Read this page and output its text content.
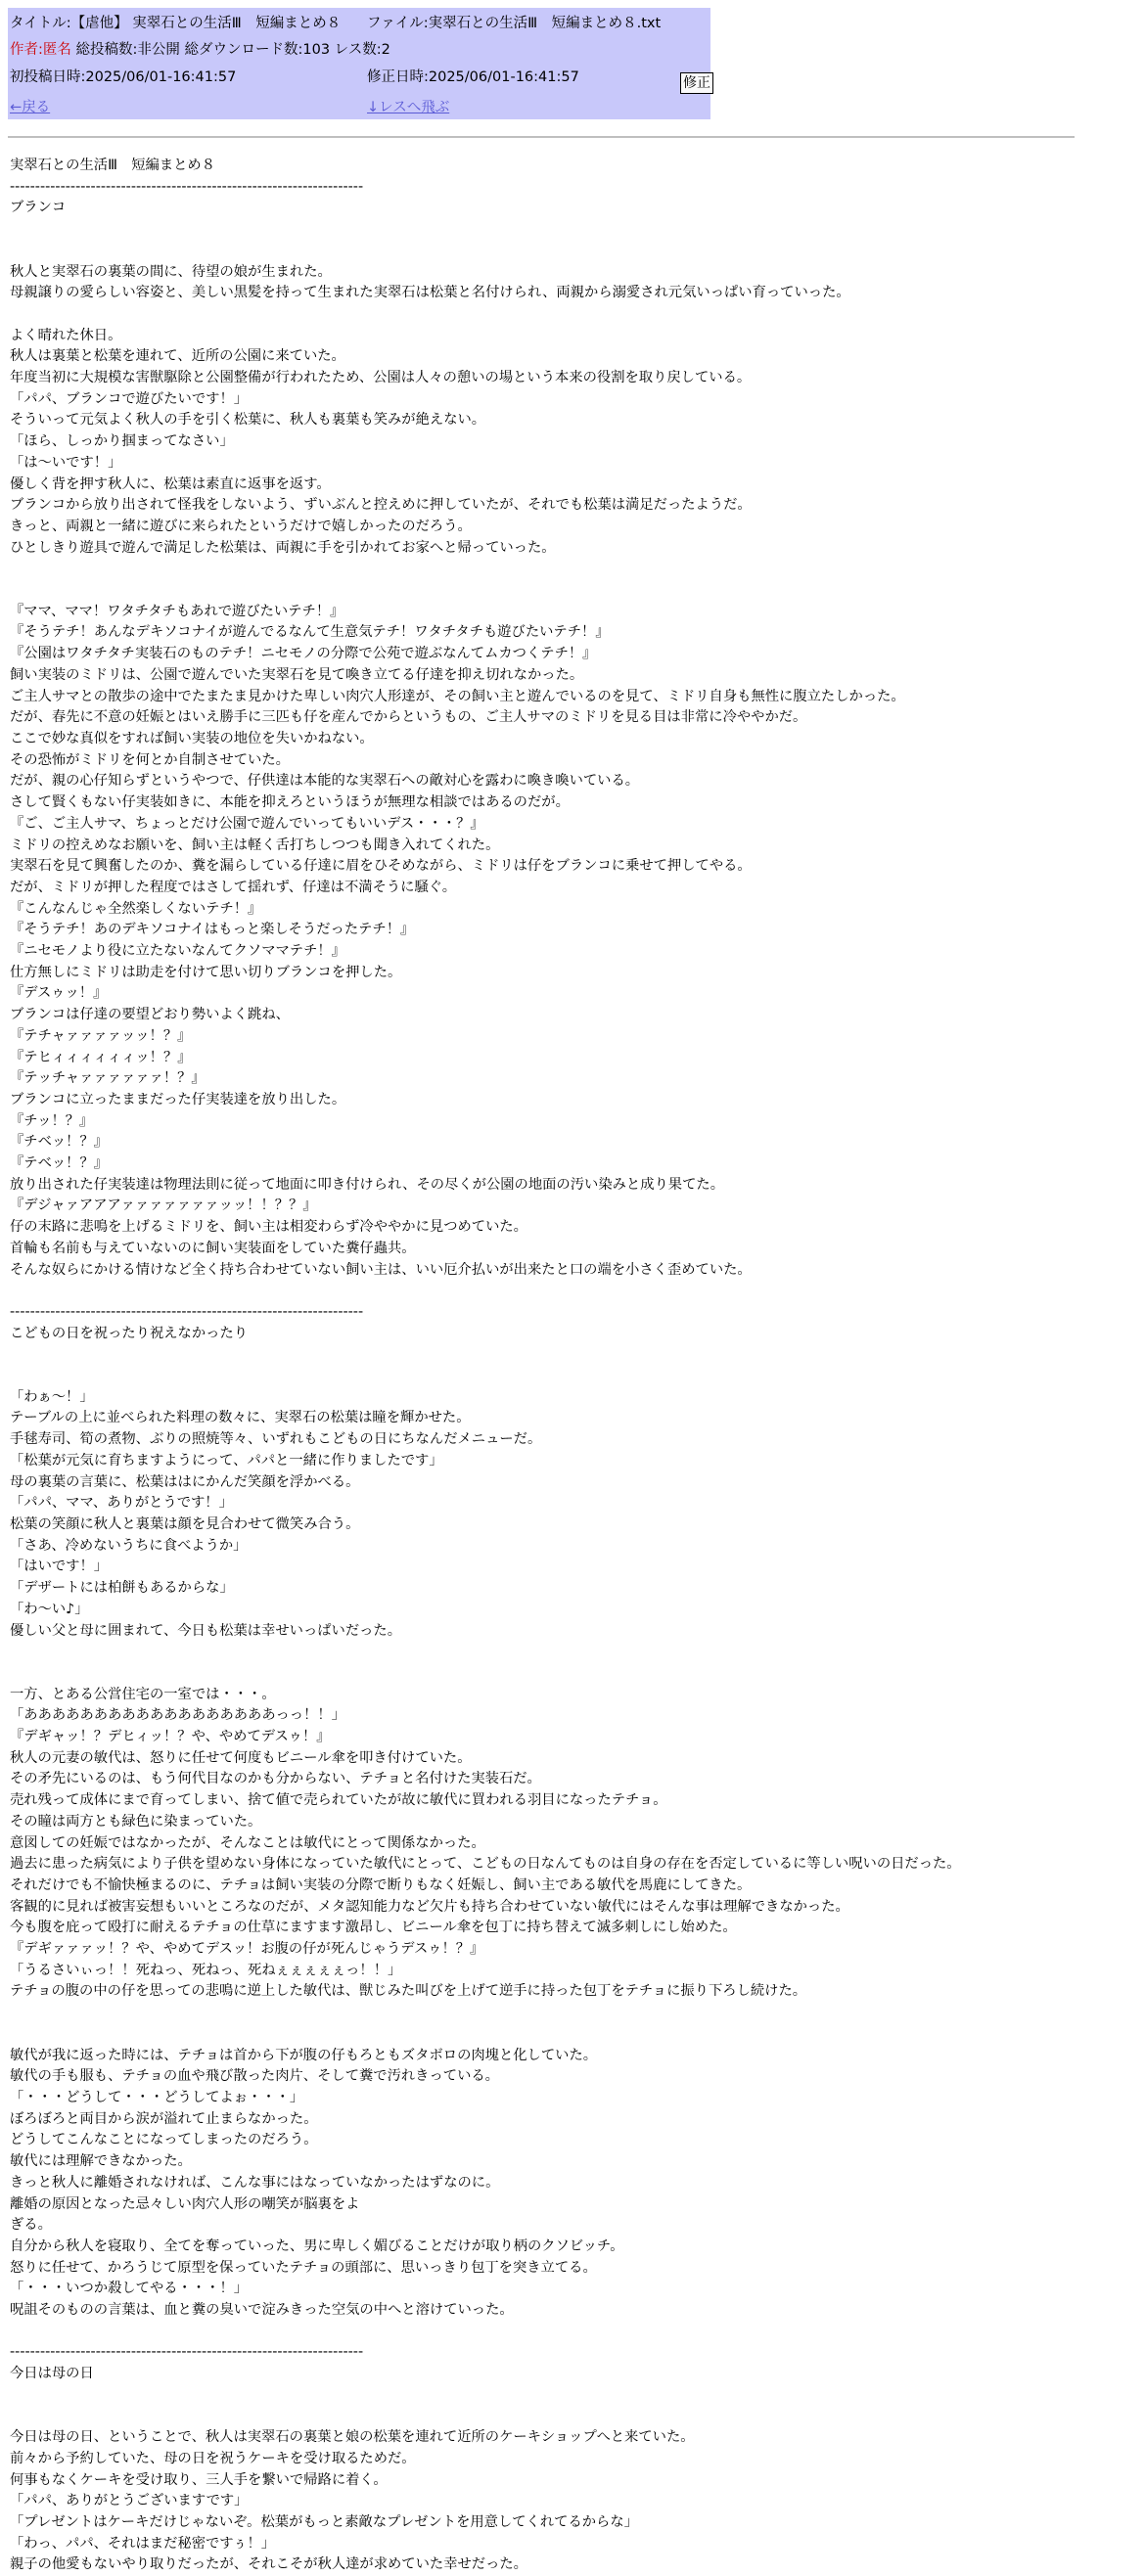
タイトル:【虐他】 実翠石との生活Ⅲ　短編まとめ８ ファイル:実翠石との生活Ⅲ　短編まとめ８.txt
作者:匿名 総投稿数:非公開 総ダウンロード数:103 レス数:2
初投稿日時:2025/06/01-16:41:57	修正日時:2025/06/01-16:41:57	修正
←戻る	↓レスへ飛ぶ
実翠石との生活Ⅲ　短編まとめ８
----------------------------------------------------------------------
ブランコ

秋人と実翠石の裏葉の間に、待望の娘が生まれた。
母親譲りの愛らしい容姿と、美しい黒髪を持って生まれた実翠石は松葉と名付けられ、両親から溺愛され元気いっぱい育っていった。

よく晴れた休日。
秋人は裏葉と松葉を連れて、近所の公園に来ていた。
年度当初に大規模な害獣駆除と公園整備が行われたため、公園は人々の憩いの場という本来の役割を取り戻している。
「パパ、ブランコで遊びたいです！」
そういって元気よく秋人の手を引く松葉に、秋人も裏葉も笑みが絶えない。
「ほら、しっかり掴まってなさい」
「は～いです！」
優しく背を押す秋人に、松葉は素直に返事を返す。
ブランコから放り出されて怪我をしないよう、ずいぶんと控えめに押していたが、それでも松葉は満足だったようだ。
きっと、両親と一緒に遊びに来られたというだけで嬉しかったのだろう。
ひとしきり遊具で遊んで満足した松葉は、両親に手を引かれてお家へと帰っていった。

『ママ、ママ！ワタチタチもあれで遊びたいテチ！』
『そうテチ！あんなデキソコナイが遊んでるなんて生意気テチ！ワタチタチも遊びたいテチ！』
『公園はワタチタチ実装石のものテチ！ニセモノの分際で公苑で遊ぶなんてムカつくテチ！』
飼い実装のミドリは、公園で遊んでいた実翠石を見て喚き立てる仔達を抑え切れなかった。
ご主人サマとの散歩の途中でたまたま見かけた卑しい肉穴人形達が、その飼い主と遊んでいるのを見て、ミドリ自身も無性に腹立たしかった。
だが、春先に不意の妊娠とはいえ勝手に三匹も仔を産んでからというもの、ご主人サマのミドリを見る目は非常に冷ややかだ。
ここで妙な真似をすれば飼い実装の地位を失いかねない。
その恐怖がミドリを何とか自制させていた。
だが、親の心仔知らずというやつで、仔供達は本能的な実翠石への敵対心を露わに喚き喚いている。
さして賢くもない仔実装如きに、本能を抑えろというほうが無理な相談ではあるのだが。
『ご、ご主人サマ、ちょっとだけ公園で遊んでいってもいいデス・・・？』
ミドリの控えめなお願いを、飼い主は軽く舌打ちしつつも聞き入れてくれた。
実翠石を見て興奮したのか、糞を漏らしている仔達に眉をひそめながら、ミドリは仔をブランコに乗せて押してやる。
だが、ミドリが押した程度ではさして揺れず、仔達は不満そうに騒ぐ。
『こんなんじゃ全然楽しくないテチ！』
『そうテチ！あのデキソコナイはもっと楽しそうだったテチ！』
『ニセモノより役に立たないなんてクソママテチ！』
仕方無しにミドリは助走を付けて思い切りブランコを押した。
『デスゥッ！』
ブランコは仔達の要望どおり勢いよく跳ね、
『テチャァァァァッッ！？』
『テヒィィィィィィッ！？』
『テッチャァァァァァァ！？』
ブランコに立ったままだった仔実装達を放り出した。
『チッ！？』
『チベッ！？』
『テベッ！？』
放り出された仔実装達は物理法則に従って地面に叩き付けられ、その尽くが公園の地面の汚い染みと成り果てた。
『デジャァアアアァァァァァァァッッ！！？？』
仔の末路に悲鳴を上げるミドリを、飼い主は相変わらず冷ややかに見つめていた。
首輪も名前も与えていないのに飼い実装面をしていた糞仔蟲共。
そんな奴らにかける情けなど全く持ち合わせていない飼い主は、いい厄介払いが出来たと口の端を小さく歪めていた。

----------------------------------------------------------------------
こどもの日を祝ったり祝えなかったり

「わぁ～！」
テーブルの上に並べられた料理の数々に、実翠石の松葉は瞳を輝かせた。
手毬寿司、筍の煮物、ぶりの照焼等々、いずれもこどもの日にちなんだメニューだ。
「松葉が元気に育ちますようにって、パパと一緒に作りましたです」
母の裏葉の言葉に、松葉ははにかんだ笑顔を浮かべる。
「パパ、ママ、ありがとうです！」
松葉の笑顔に秋人と裏葉は顔を見合わせて微笑み合う。
「さあ、冷めないうちに食べようか」
「はいです！」
「デザートには柏餅もあるからな」
「わ～い♪」
優しい父と母に囲まれて、今日も松葉は幸せいっぱいだった。

一方、とある公営住宅の一室では・・・。
「ああああああああああああああああああっっ！！」
『デギャッ！？デヒィッ！？や、やめてデスゥ！』
秋人の元妻の敏代は、怒りに任せて何度もビニール傘を叩き付けていた。
その矛先にいるのは、もう何代目なのかも分からない、テチョと名付けた実装石だ。
売れ残って成体にまで育ってしまい、捨て値で売られていたが故に敏代に買われる羽目になったテチョ。
その瞳は両方とも緑色に染まっていた。
意図しての妊娠ではなかったが、そんなことは敏代にとって関係なかった。
過去に患った病気により子供を望めない身体になっていた敏代にとって、こどもの日なんてものは自身の存在を否定しているに等しい呪いの日だった。
それだけでも不愉快極まるのに、テチョは飼い実装の分際で断りもなく妊娠し、飼い主である敏代を馬鹿にしてきた。
客観的に見れば被害妄想もいいところなのだが、メタ認知能力など欠片も持ち合わせていない敏代にはそんな事は理解できなかった。
今も腹を庇って殴打に耐えるテチョの仕草にますます激昂し、ビニール傘を包丁に持ち替えて滅多刺しにし始めた。
『デギァァァッ！？や、やめてデスッ！お腹の仔が死んじゃうデスゥ！？』
「うるさいぃっ！！死ねっ、死ねっ、死ねぇぇぇぇぇっ！！」
テチョの腹の中の仔を思っての悲鳴に逆上した敏代は、獣じみた叫びを上げて逆手に持った包丁をテチョに振り下ろし続けた。

敏代が我に返った時には、テチョは首から下が腹の仔もろともズタボロの肉塊と化していた。
敏代の手も服も、テチョの血や飛び散った肉片、そして糞で汚れきっている。
「・・・どうして・・・どうしてよぉ・・・」
ぼろぼろと両目から涙が溢れて止まらなかった。
どうしてこんなことになってしまったのだろう。
敏代には理解できなかった。
きっと秋人に離婚されなければ、こんな事にはなっていなかったはずなのに。
離婚の原因となった忌々しい肉穴人形の嘲笑が脳裏をよ
ぎる。
自分から秋人を寝取り、全てを奪っていった、男に卑しく媚びることだけが取り柄のクソビッチ。
怒りに任せて、かろうじて原型を保っていたテチョの頭部に、思いっきり包丁を突き立てる。
「・・・いつか殺してやる・・・！」
呪詛そのものの言葉は、血と糞の臭いで淀みきった空気の中へと溶けていった。

----------------------------------------------------------------------
今日は母の日

今日は母の日、ということで、秋人は実翠石の裏葉と娘の松葉を連れて近所のケーキショップへと来ていた。
前々から予約していた、母の日を祝うケーキを受け取るためだ。
何事もなくケーキを受け取り、三人手を繋いで帰路に着く。
「パパ、ありがとうございますです」
「プレゼントはケーキだけじゃないぞ。松葉がもっと素敵なプレゼントを用意してくれてるからな」
「わっ、パパ、それはまだ秘密ですぅ！」
親子の他愛もないやり取りだったが、それこそが秋人達が求めていた幸せだった。
